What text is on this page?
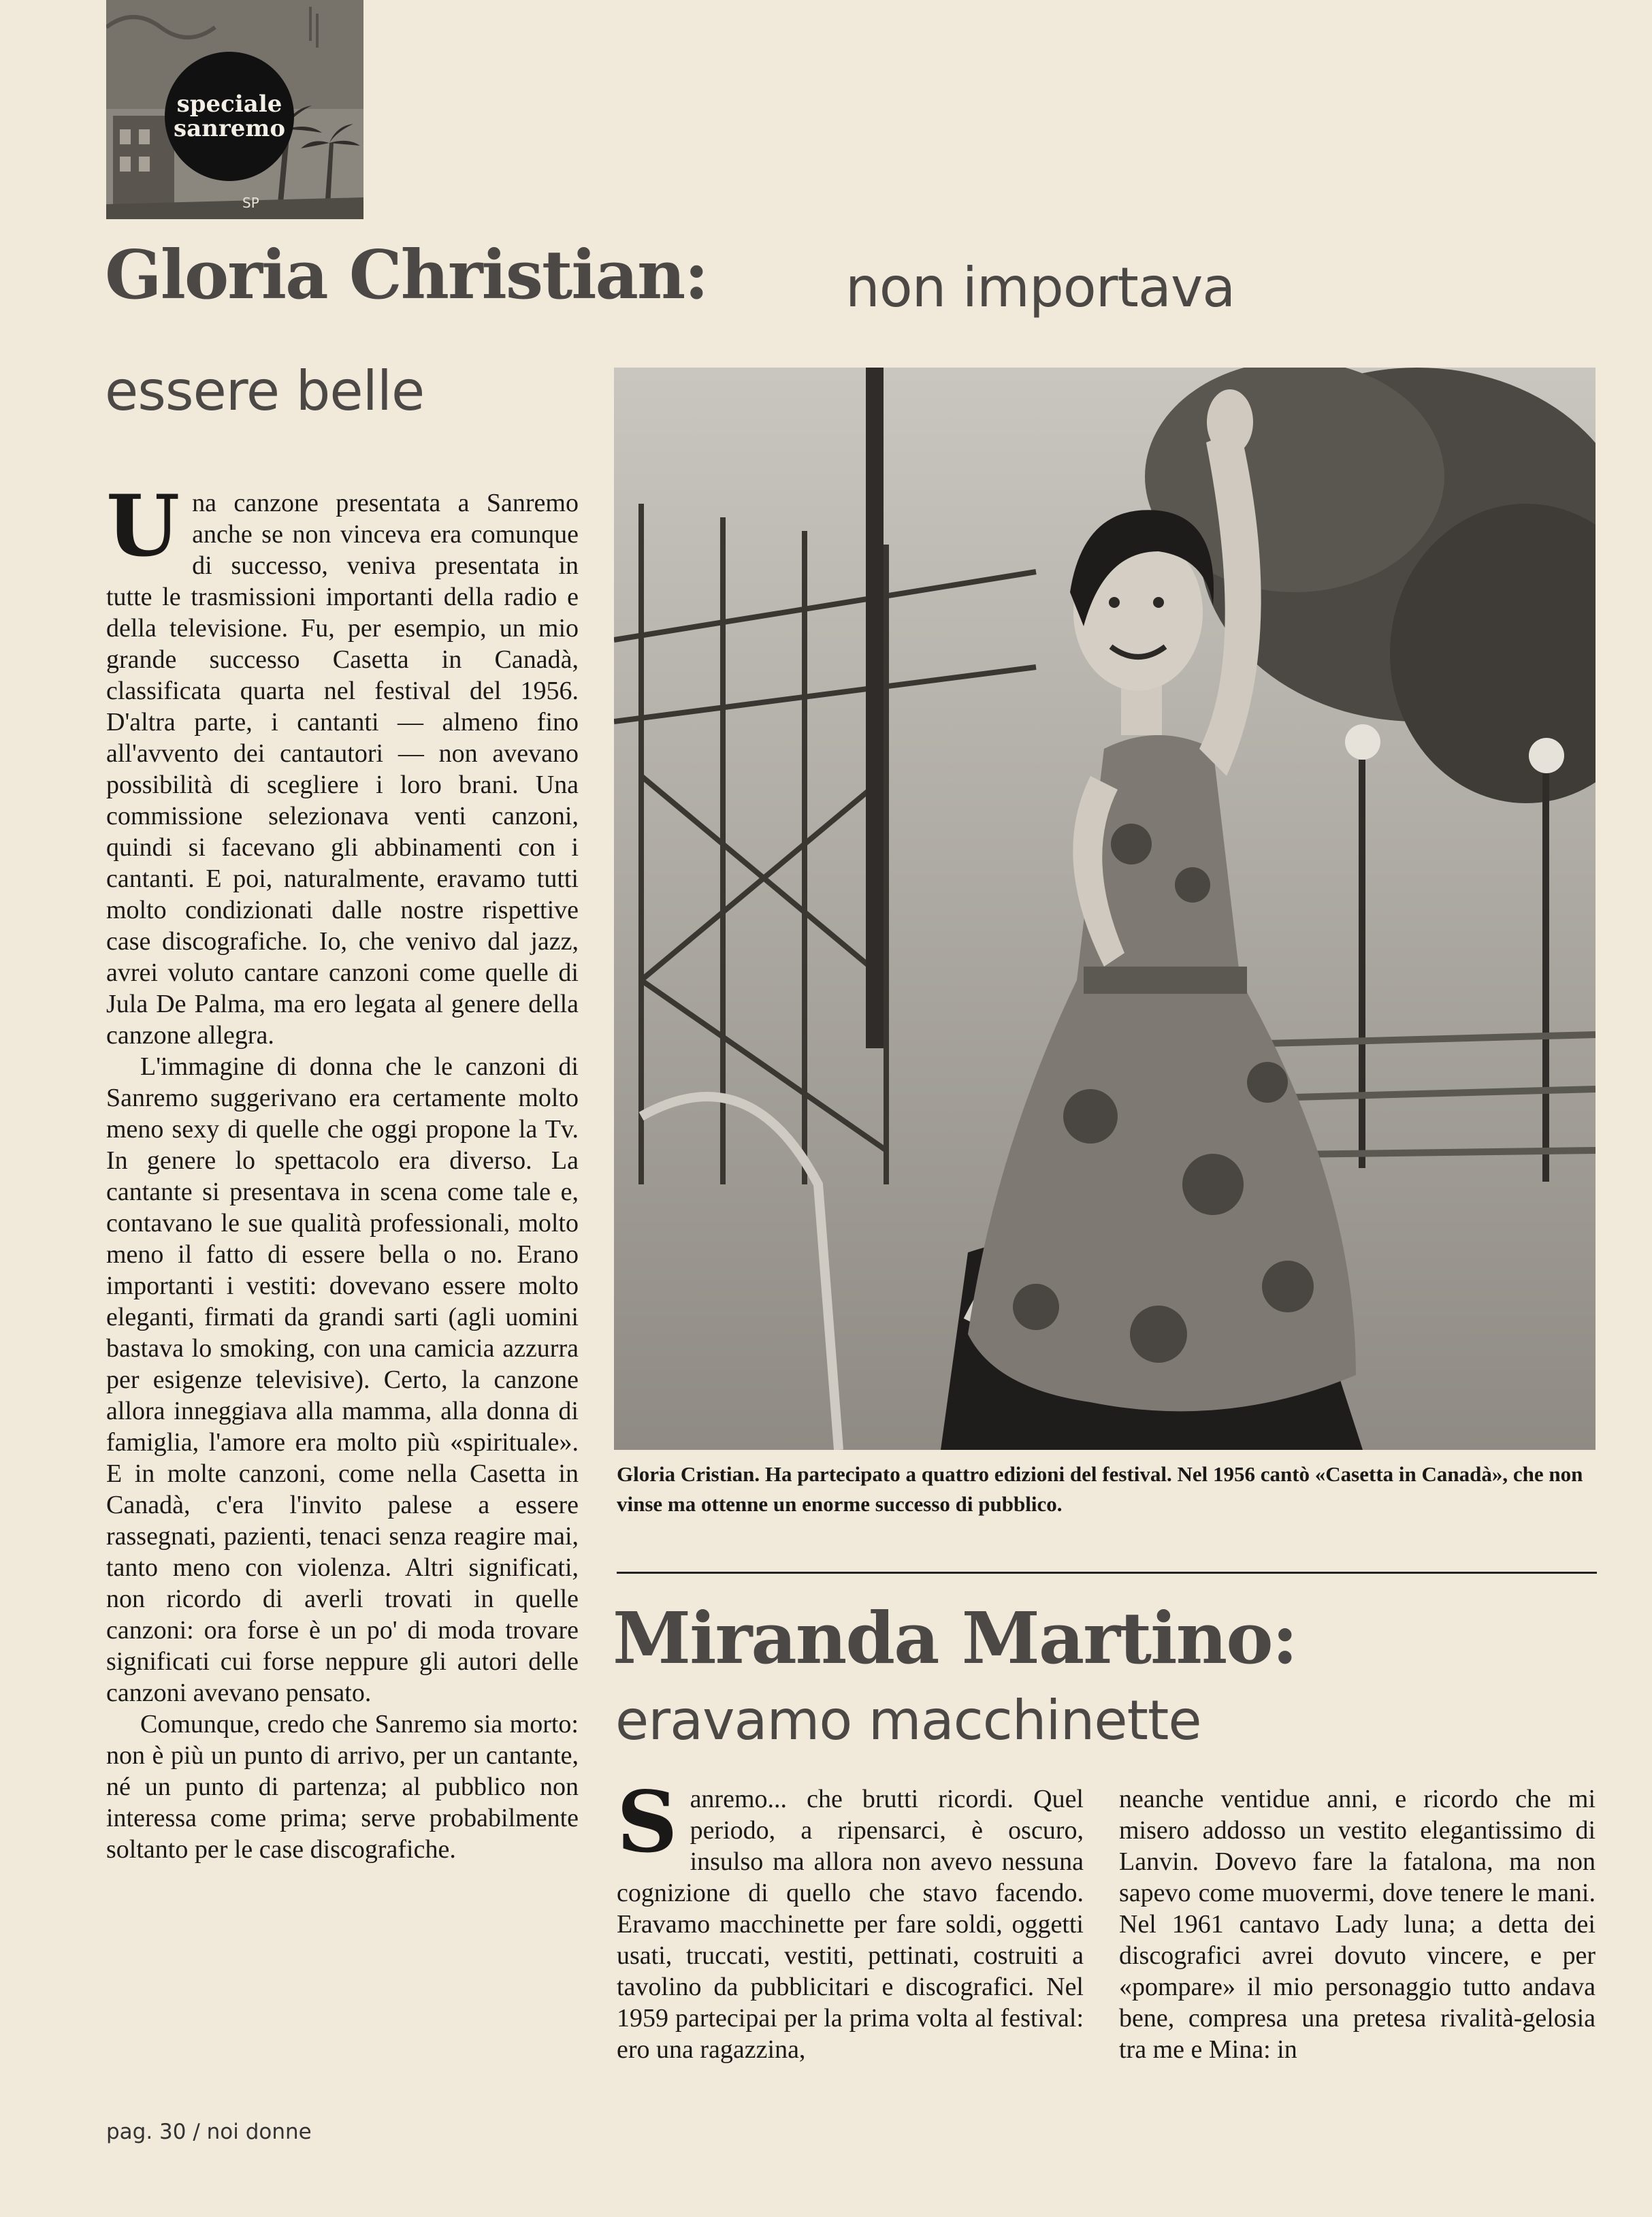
SP
speciale
sanremo
Gloria Christian:	non importava
essere belle

Una canzone presentata a Sanremo anche se non vinceva era comunque di successo, veniva presentata in tutte le trasmissioni importanti della radio e della televisione. Fu, per esempio, un mio grande successo Casetta in Canadà, classificata quarta nel festival del 1956. D'altra parte, i cantanti — almeno fino all'avvento dei cantautori — non avevano possibilità di scegliere i loro brani. Una commissione selezionava venti canzoni, quindi si facevano gli abbinamenti con i cantanti. E poi, naturalmente, eravamo tutti molto condizionati dalle nostre rispettive case discografiche. Io, che venivo dal jazz, avrei voluto cantare canzoni come quelle di Jula De Palma, ma ero legata al genere della canzone allegra.

L'immagine di donna che le canzoni di Sanremo suggerivano era certamente molto meno sexy di quelle che oggi propone la Tv. In genere lo spettacolo era diverso. La cantante si presentava in scena come tale e, contavano le sue qualità professionali, molto meno il fatto di essere bella o no. Erano importanti i vestiti: dovevano essere molto eleganti, firmati da grandi sarti (agli uomini bastava lo smoking, con una camicia azzurra per esigenze televisive). Certo, la canzone allora inneggiava alla mamma, alla donna di famiglia, l'amore era molto più «spirituale». E in molte canzoni, come nella Casetta in Canadà, c'era l'invito palese a essere rassegnati, pazienti, tenaci senza reagire mai, tanto meno con violenza. Altri significati, non ricordo di averli trovati in quelle canzoni: ora forse è un po' di moda trovare significati cui forse neppure gli autori delle canzoni avevano pensato.

Comunque, credo che Sanremo sia morto: non è più un punto di arrivo, per un cantante, né un punto di partenza; al pubblico non interessa come prima; serve probabilmente soltanto per le case discografiche.

Gloria Cristian. Ha partecipato a quattro edizioni del festival. Nel 1956 cantò «Casetta in Canadà», che non vinse ma ottenne un enorme successo di pubblico.
Miranda Martino:
eravamo macchinette

Sanremo... che brutti ricordi. Quel periodo, a ripensarci, è oscuro, insulso ma allora non avevo nessuna cognizione di quello che stavo facendo. Eravamo macchinette per fare soldi, oggetti usati, truccati, vestiti, pettinati, costruiti a tavolino da pubblicitari e discografici. Nel 1959 partecipai per la prima volta al festival: ero una ragazzina,

neanche ventidue anni, e ricordo che mi misero addosso un vestito elegantissimo di Lanvin. Dovevo fare la fatalona, ma non sapevo come muovermi, dove tenere le mani. Nel 1961 cantavo Lady luna; a detta dei discografici avrei dovuto vincere, e per «pompare» il mio personaggio tutto andava bene, compresa una pretesa rivalità-gelosia tra me e Mina: in

pag. 30 / noi donne
